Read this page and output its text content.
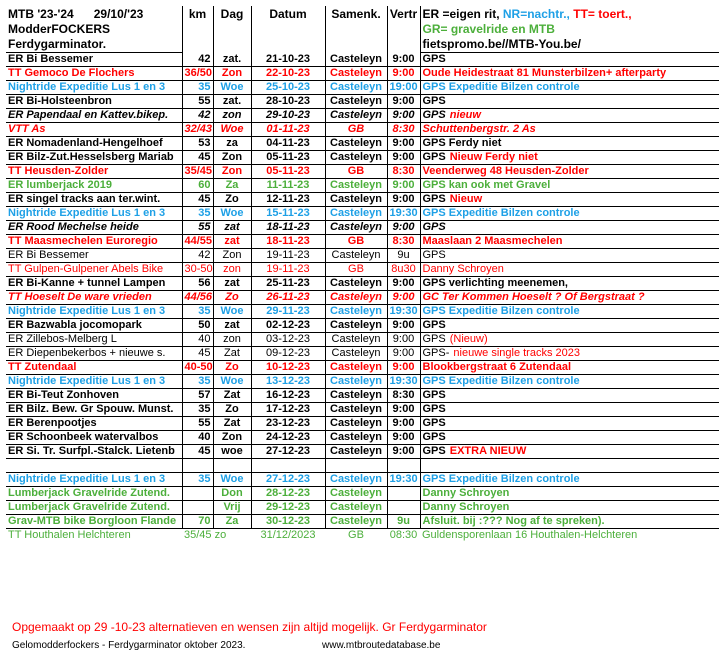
MTB '23-'24 29/10/'23	km	Dag	Datum	Samenk.	Vertr	ER =eigen rit, NR=nachtr., TT= toert.,
ModderFOCKERS						GR= gravelride en MTB
Ferdygarminator.						fietspromo.be//MTB-You.be/
ER Bi Bessemer	42	zat.	21-10-23	Casteleyn	9:00	GPS
TT Gemoco De Flochers	36/50	Zon	22-10-23	Casteleyn	9:00	Oude Heidestraat 81 Munsterbilzen+ afterparty
Nightride Expeditie Lus 1 en 3	35	Woe	25-10-23	Casteleyn	19:00	GPS Expeditie Bilzen controle
ER Bi-Holsteenbron	55	zat.	28-10-23	Casteleyn	9:00	GPS
ER Papendaal en Kattev.bikep.	42	zon	29-10-23	Casteleyn	9:00	GPS nieuw
VTT As	32/43	Woe	01-11-23	GB	8:30	Schuttenbergstr. 2 As
ER Nomadenland-Hengelhoef	53	za	04-11-23	Casteleyn	9:00	GPS Ferdy niet
ER Bilz-Zut.Hesselsberg Mariab	45	Zon	05-11-23	Casteleyn	9:00	GPS Nieuw Ferdy niet
TT Heusden-Zolder	35/45	Zon	05-11-23	GB	8:30	Veenderweg 48 Heusden-Zolder
ER lumberjack 2019	60	Za	11-11-23	Casteleyn	9:00	GPS kan ook met Gravel
ER singel tracks aan ter.wint.	45	Zo	12-11-23	Casteleyn	9:00	GPS Nieuw
Nightride Expeditie Lus 1 en 3	35	Woe	15-11-23	Casteleyn	19:30	GPS Expeditie Bilzen controle
ER Rood Mechelse heide	55	zat	18-11-23	Casteleyn	9:00	GPS
TT Maasmechelen Euroregio	44/55	zat	18-11-23	GB	8:30	Maaslaan 2 Maasmechelen
ER Bi Bessemer	42	Zon	19-11-23	Casteleyn	9u	GPS
TT Gulpen-Gulpener Abels Bike	30-50	zon	19-11-23	GB	8u30	Danny Schroyen
ER Bi-Kanne + tunnel Lampen	56	zat	25-11-23	Casteleyn	9:00	GPS verlichting meenemen,
TT Hoeselt De ware vrieden	44/56	Zo	26-11-23	Casteleyn	9:00	GC Ter Kommen Hoeselt ? Of Bergstraat ?
Nightride Expeditie Lus 1 en 3	35	Woe	29-11-23	Casteleyn	19:30	GPS Expeditie Bilzen controle
ER Bazwabla jocomopark	50	zat	02-12-23	Casteleyn	9:00	GPS
ER Zillebos-Melberg L	40	zon	03-12-23	Casteleyn	9:00	GPS (Nieuw)
ER Diepenbekerbos + nieuwe s.	45	Zat	09-12-23	Casteleyn	9:00	GPS- nieuwe single tracks 2023
TT Zutendaal	40-50	Zo	10-12-23	Casteleyn	9:00	Blookbergstraat 6 Zutendaal
Nightride Expeditie Lus 1 en 3	35	Woe	13-12-23	Casteleyn	19:30	GPS Expeditie Bilzen controle
ER Bi-Teut Zonhoven	57	Zat	16-12-23	Casteleyn	8:30	GPS
ER Bilz. Bew. Gr Spouw. Munst.	35	Zo	17-12-23	Casteleyn	9:00	GPS
ER Berenpootjes	55	Zat	23-12-23	Casteleyn	9:00	GPS
ER Schoonbeek watervalbos	40	Zon	24-12-23	Casteleyn	9:00	GPS
ER Si. Tr. Surfpl.-Stalck. Lietenb	45	woe	27-12-23	Casteleyn	9:00	GPS EXTRA NIEUW

Nightride Expeditie Lus 1 en 3	35	Woe	27-12-23	Casteleyn	19:30	GPS Expeditie Bilzen controle
Lumberjack Gravelride Zutend.		Don	28-12-23	Casteleyn		Danny Schroyen
Lumberjack Gravelride Zutend.		Vrij	29-12-23	Casteleyn		Danny Schroyen
Grav-MTB bike Borgloon Flande	70	Za	30-12-23	Casteleyn	9u	Afsluit. bij :??? Nog af te spreken).
TT Houthalen Helchteren	35/45 zo		31/12/2023	GB	08:30	Guldensporenlaan 16 Houthalen-Helchteren
Opgemaakt op 29 -10-23 alternatieven en wensen zijn altijd mogelijk. Gr Ferdygarminator
Gelomodderfockers - Ferdygarminator oktober 2023.	www.mtbroutedatabase.be
